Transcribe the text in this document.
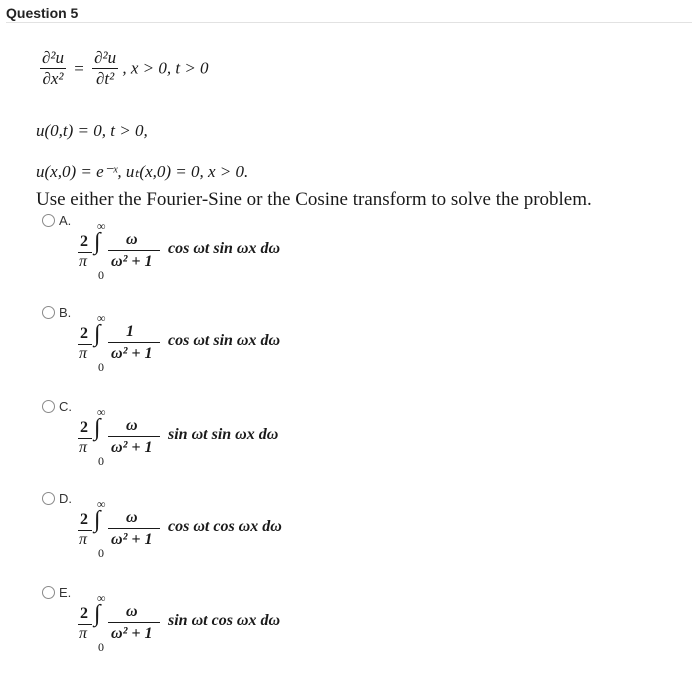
Question 5
$\frac{\text{∂²u}}{\text{∂x²}} = \frac{\text{∂²u}}{\text{∂t²}}$ , x > 0, t > 0
u(0,t) = 0, t > 0,
u(x,0) = e⁻ˣ, uₜ(x,0) = 0, x > 0.
Use either the Fourier-Sine or the Cosine transform to solve the problem.
A. ∞
2
π
∫
0
ω
ω² + 1
cos ωt sin ωx dω
B. ∞
2
π
∫
0
1
ω² + 1
cos ωt sin ωx dω
C. ∞
2
π
∫
0
ω
ω² + 1
sin ωt sin ωx dω
D. ∞
2
π
∫
0
ω
ω² + 1
cos ωt cos ωx dω
E. ∞
2
π
∫
0
ω
ω² + 1
sin ωt cos ωx dω
